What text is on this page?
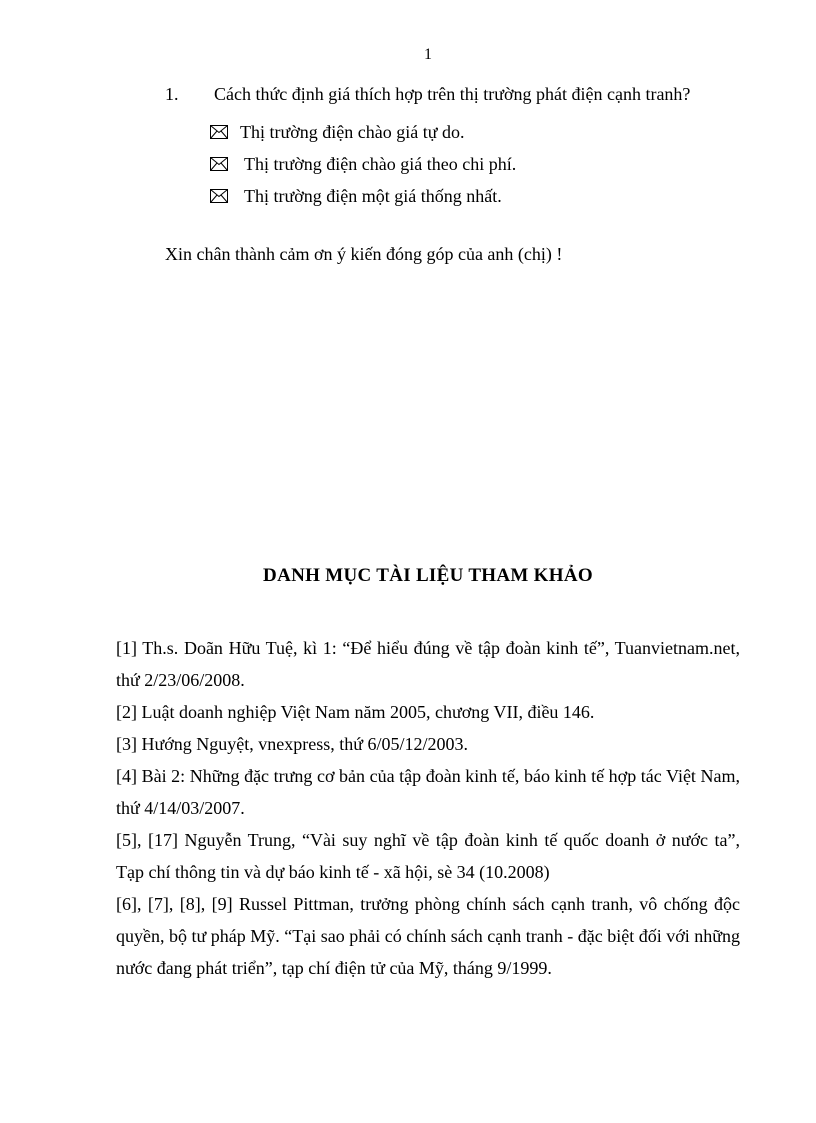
1
1. Cách thức định giá thích hợp trên thị trường phát điện cạnh tranh?
Thị trường điện chào giá tự do.
Thị trường điện chào giá theo chi phí.
Thị trường điện một giá thống nhất.
Xin chân thành cảm ơn ý kiến đóng góp của anh (chị) !
DANH MỤC TÀI LIỆU THAM KHẢO

[1] Th.s. Doãn Hữu Tuệ, kì 1: “Để hiểu đúng về tập đoàn kinh tế”, Tuanvietnam.net, thứ 2/23/06/2008.

[2] Luật doanh nghiệp Việt Nam năm 2005, chương VII, điều 146.

[3] Hướng Nguyệt, vnexpress, thứ 6/05/12/2003.

[4] Bài 2: Những đặc trưng cơ bản của tập đoàn kinh tế, báo kinh tế hợp tác Việt Nam, thứ 4/14/03/2007.

[5], [17] Nguyễn Trung, “Vài suy nghĩ về tập đoàn kinh tế quốc doanh ở nước ta”, Tạp chí thông tin và dự báo kinh tế - xã hội, sè 34 (10.2008)

[6], [7], [8], [9] Russel Pittman, trưởng phòng chính sách cạnh tranh, vô chống độc quyền, bộ tư pháp Mỹ. “Tại sao phải có chính sách cạnh tranh - đặc biệt đối với những nước đang phát triển”, tạp chí điện tử của Mỹ, tháng 9/1999.
